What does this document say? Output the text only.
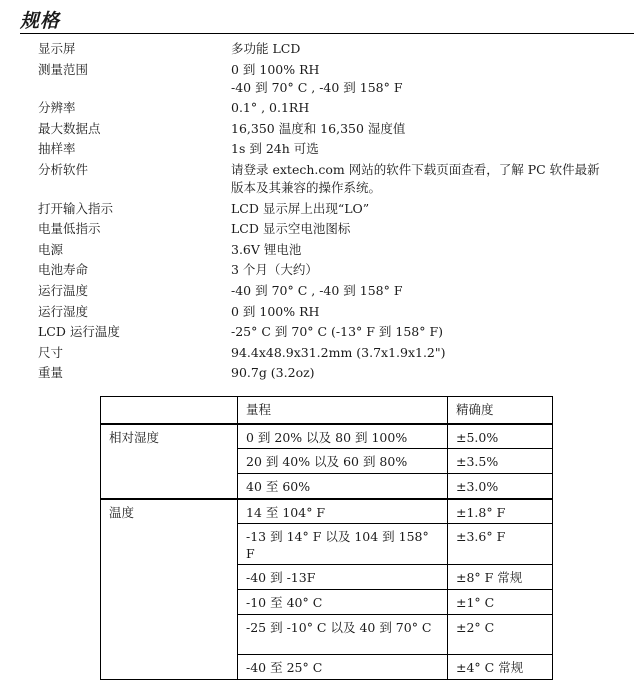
规格
显示屏	多功能 LCD
测量范围	0 到 100% RH
-40 到 70° C , -40 到 158° F
分辨率	0.1° , 0.1RH
最大数据点	16,350 温度和 16,350 湿度值
抽样率	1s 到 24h 可选
分析软件	请登录 extech.com 网站的软件下载页面查看，了解 PC 软件最新
版本及其兼容的操作系统。
打开输入指示	LCD 显示屏上出现“LO”
电量低指示	LCD 显示空电池图标
电源	3.6V 锂电池
电池寿命	3 个月（大约）
运行温度	-40 到 70° C , -40 到 158° F
运行湿度	0 到 100% RH
LCD 运行温度	-25° C 到 70° C (-13° F 到 158° F)
尺寸	94.4x48.9x31.2mm (3.7x1.9x1.2")
重量	90.7g (3.2oz)
	量程	精确度
相对湿度	0 到 20% 以及 80 到 100%	±5.0%
	20 到 40% 以及 60 到 80%	±3.5%
	40 至 60%	±3.0%
温度	14 至 104° F	±1.8° F
	-13 到 14° F 以及 104 到 158° F	±3.6° F
	-40 到 -13F	±8° F 常规
	-10 至 40° C	±1° C
	-25 到 -10° C 以及 40 到 70° C	±2° C
	-40 至 25° C	±4° C 常规
